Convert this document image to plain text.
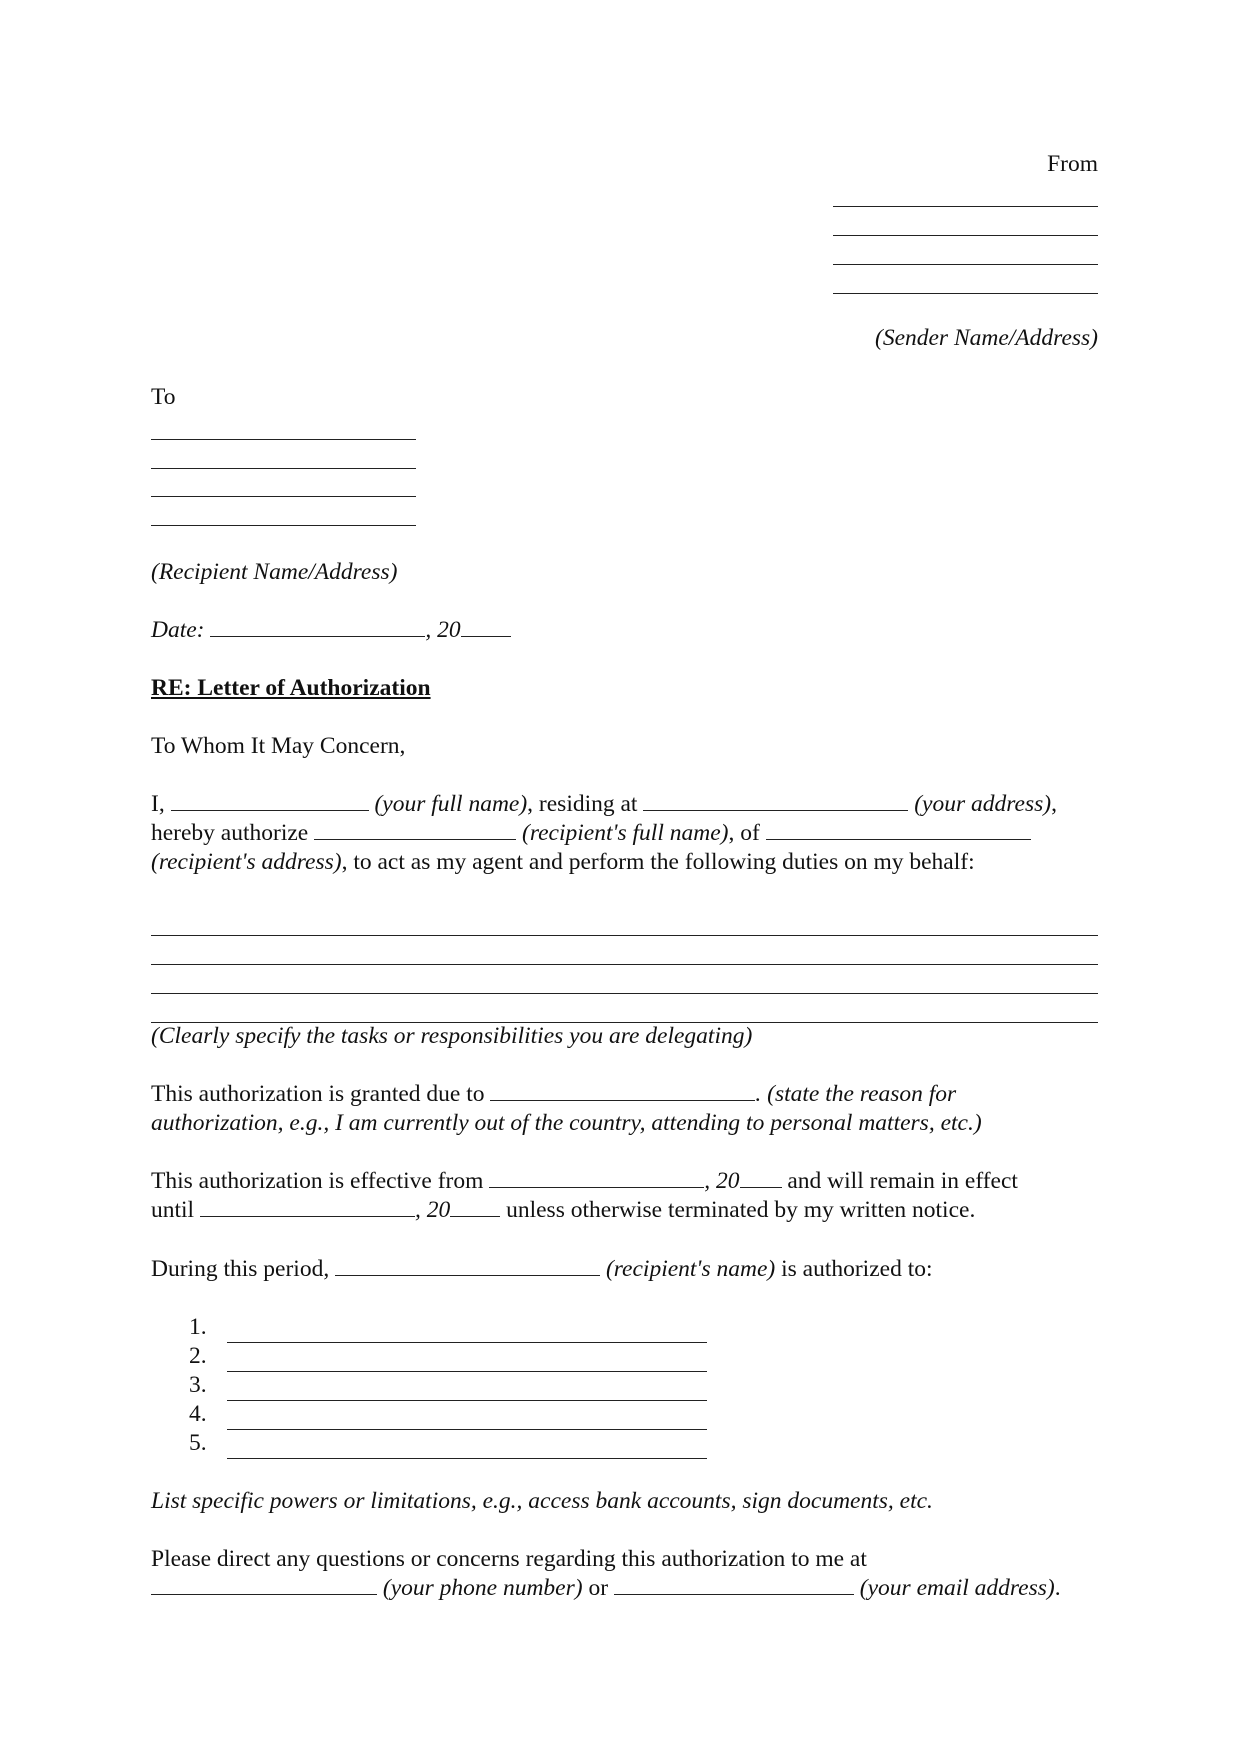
From
(Sender Name/Address)
To
(Recipient Name/Address)
Date:	, 20
RE: Letter of Authorization
To Whom It May Concern,
I,	(your full name), residing at	(your address),
hereby authorize	(recipient's full name), of
(recipient's address), to act as my agent and perform the following duties on my behalf:
(Clearly specify the tasks or responsibilities you are delegating)
This authorization is granted due to	. (state the reason for
authorization, e.g., I am currently out of the country, attending to personal matters, etc.)
This authorization is effective from	, 20 and will remain in effect
until	, 20 unless otherwise terminated by my written notice.
During this period,	(recipient's name) is authorized to:
1.
2.
3.
4.
5.
List specific powers or limitations, e.g., access bank accounts, sign documents, etc.
Please direct any questions or concerns regarding this authorization to me at
(your phone number) or	(your email address).
